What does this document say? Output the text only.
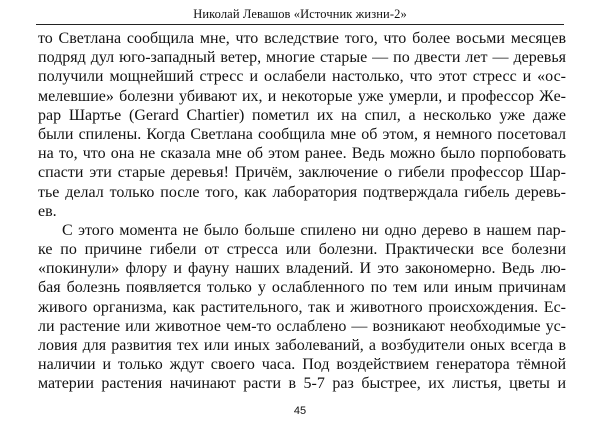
Николай Левашов «Источник жизни-2»
то Светлана сообщила мне, что вследствие того, что более восьми месяцев
подряд дул юго-западный ветер, многие старые — по двести лет — деревья
получили мощнейший стресс и ослабели настолько, что этот стресс и «ос-
мелевшие» болезни убивают их, и некоторые уже умерли, и профессор Жe-
рар Шартье (Gerard Chartier) пометил их на спил, а несколько уже даже
были спилены. Когда Светлана сообщила мне об этом, я немного посетовал
на то, что она не сказала мне об этом ранее. Ведь можно было порпобовать
спасти эти старые деревья! Причём, заключение о гибели профессор Шар-
тье делал только после того, как лаборатория подтверждала гибель деревь-
ев.
С этого момента не было больше спилено ни одно дерево в нашем пар-
ке по причине гибели от стресса или болезни. Практически все болезни
«покинули» флору и фауну наших владений. И это закономерно. Ведь лю-
бая болезнь появляется только у ослабленного по тем или иным причинам
живого организма, как растительного, так и животного происхождения. Ес-
ли растение или животное чем-то ослаблено — возникают необходимые ус-
ловия для развития тех или иных заболеваний, а возбудители оных всегда в
наличии и только ждут своего часа. Под воздействием генератора тёмной
материи растения начинают расти в 5-7 раз быстрее, их листья, цветы и
45
